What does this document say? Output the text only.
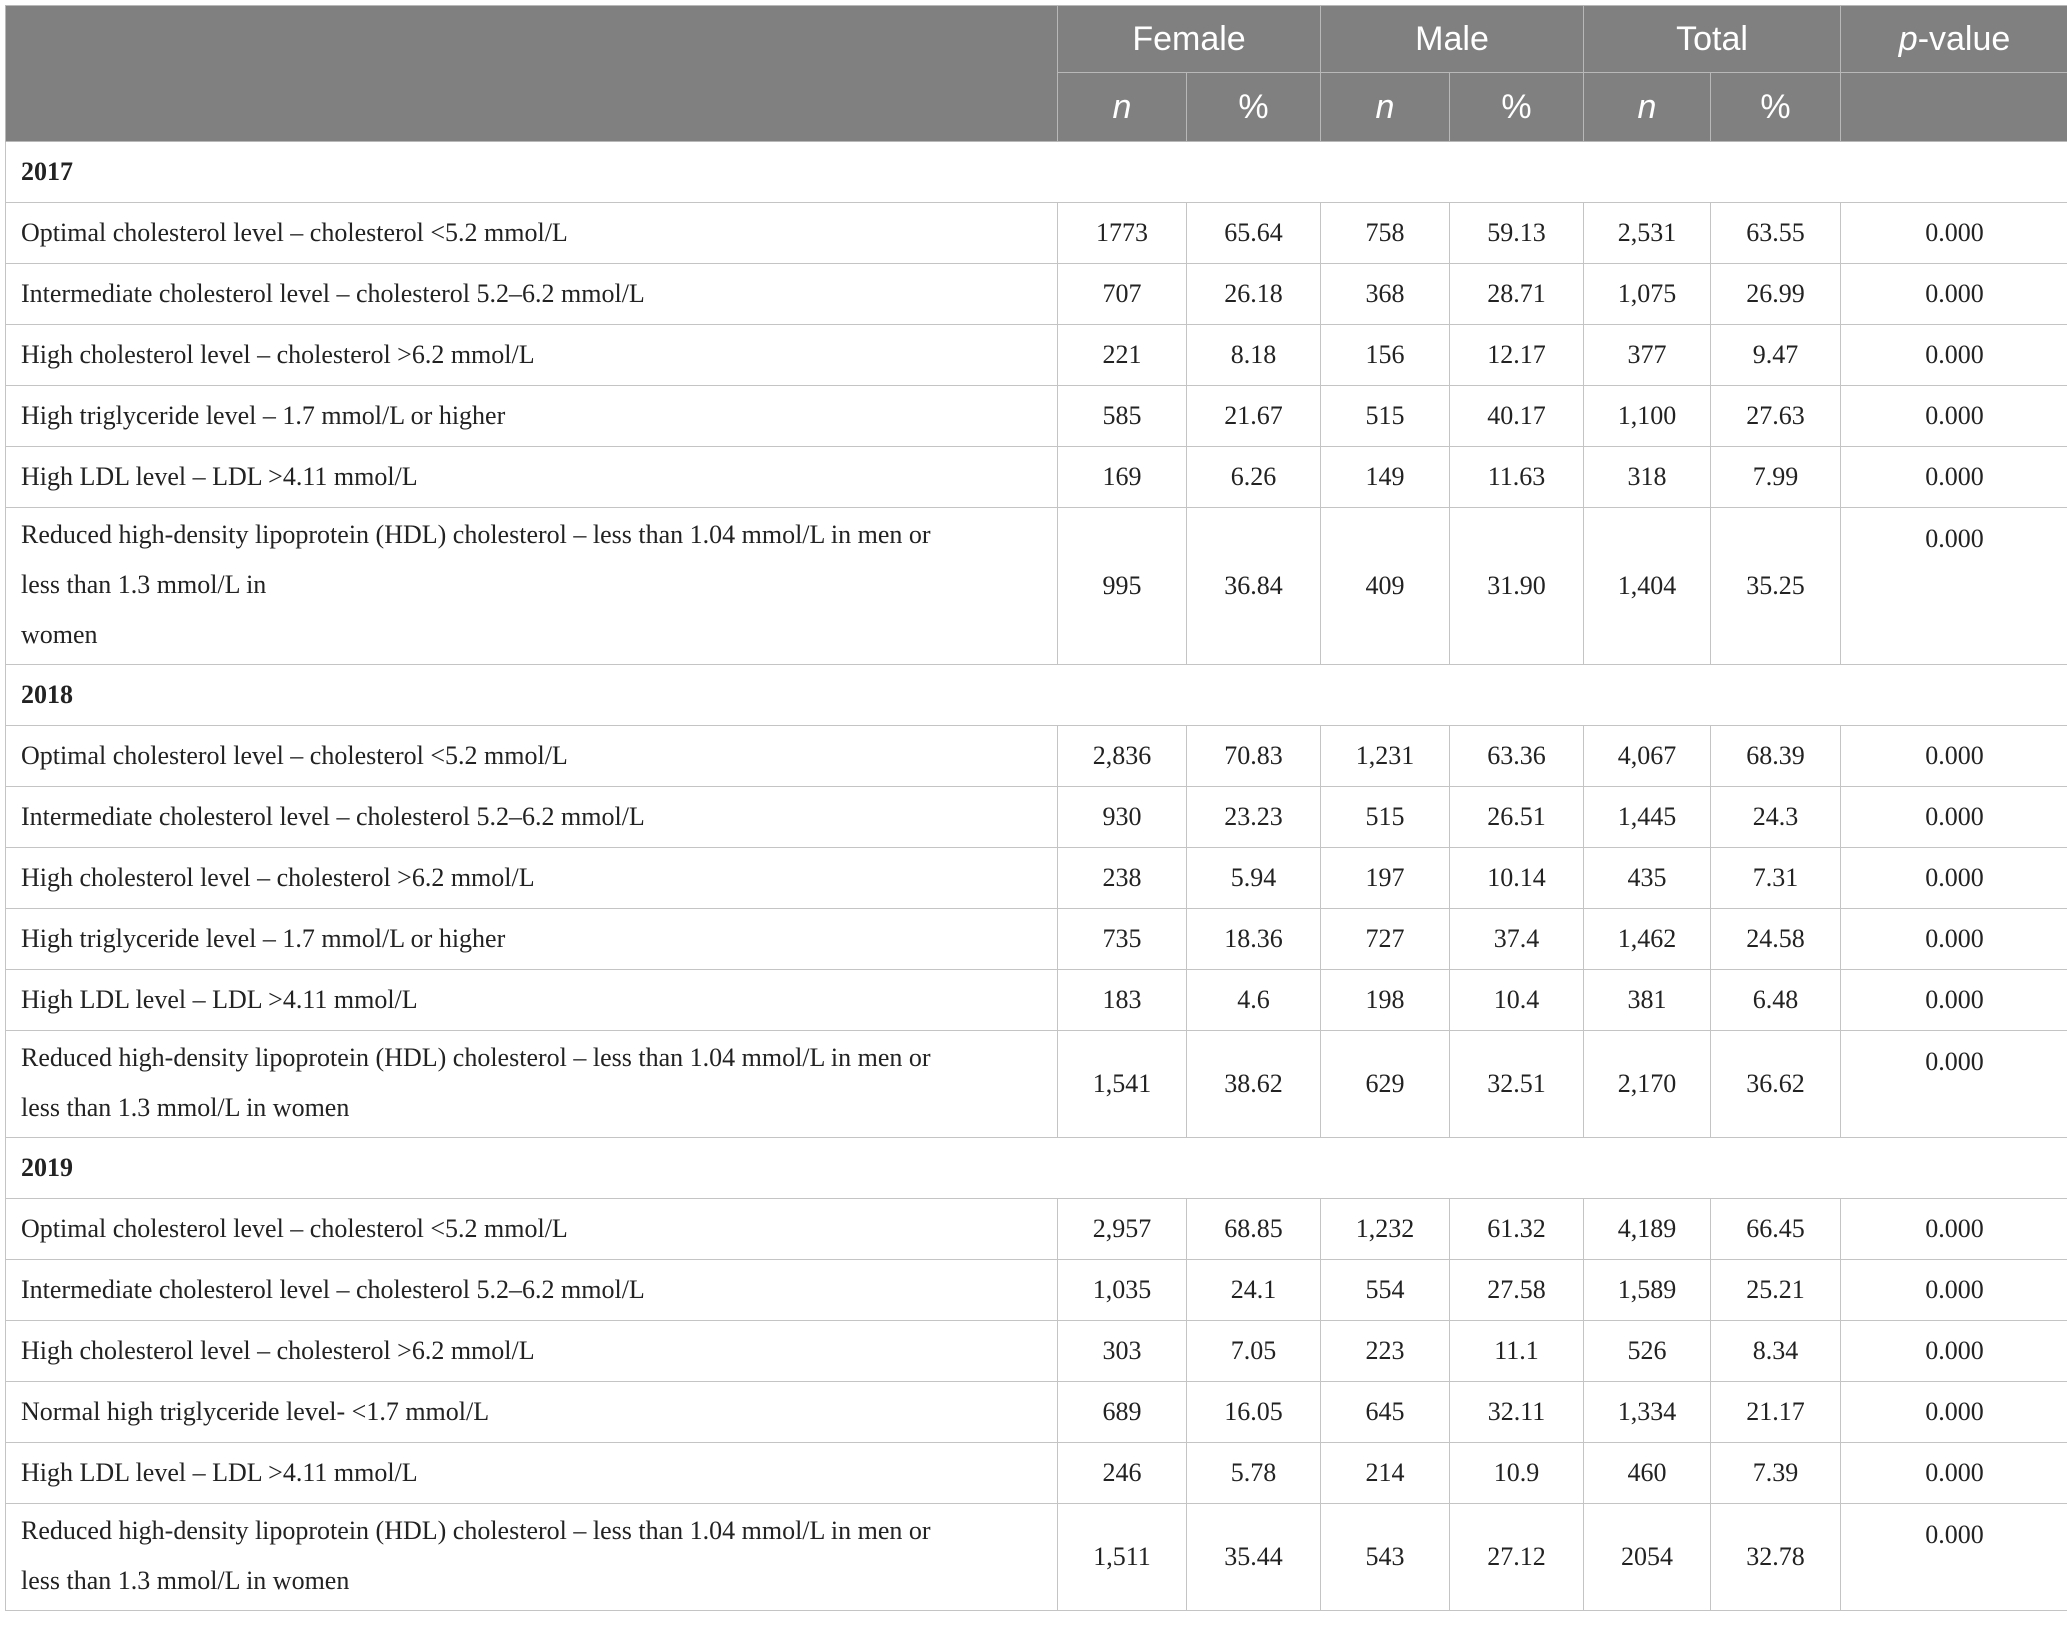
	Female		Male		Total		p-value
	n	%	n	%	n	%	
2017							
Optimal cholesterol level – cholesterol <5.2 mmol/L	1773	65.64	758	59.13	2,531	63.55	0.000
Intermediate cholesterol level – cholesterol 5.2–6.2 mmol/L	707	26.18	368	28.71	1,075	26.99	0.000
High cholesterol level – cholesterol >6.2 mmol/L	221	8.18	156	12.17	377	9.47	0.000
High triglyceride level – 1.7 mmol/L or higher	585	21.67	515	40.17	1,100	27.63	0.000
High LDL level – LDL >4.11 mmol/L	169	6.26	149	11.63	318	7.99	0.000

Reduced high-density lipoprotein (HDL) cholesterol – less than 1.04 mmol/L in men or
less than 1.3 mmol/L in
women	995	36.84	409	31.90	1,404	35.25	0.000
2018							
Optimal cholesterol level – cholesterol <5.2 mmol/L	2,836	70.83	1,231	63.36	4,067	68.39	0.000
Intermediate cholesterol level – cholesterol 5.2–6.2 mmol/L	930	23.23	515	26.51	1,445	24.3	0.000
High cholesterol level – cholesterol >6.2 mmol/L	238	5.94	197	10.14	435	7.31	0.000
High triglyceride level – 1.7 mmol/L or higher	735	18.36	727	37.4	1,462	24.58	0.000
High LDL level – LDL >4.11 mmol/L	183	4.6	198	10.4	381	6.48	0.000

Reduced high-density lipoprotein (HDL) cholesterol – less than 1.04 mmol/L in men or
less than 1.3 mmol/L in women	1,541	38.62	629	32.51	2,170	36.62	0.000
2019							
Optimal cholesterol level – cholesterol <5.2 mmol/L	2,957	68.85	1,232	61.32	4,189	66.45	0.000
Intermediate cholesterol level – cholesterol 5.2–6.2 mmol/L	1,035	24.1	554	27.58	1,589	25.21	0.000
High cholesterol level – cholesterol >6.2 mmol/L	303	7.05	223	11.1	526	8.34	0.000
Normal high triglyceride level- <1.7 mmol/L	689	16.05	645	32.11	1,334	21.17	0.000
High LDL level – LDL >4.11 mmol/L	246	5.78	214	10.9	460	7.39	0.000

Reduced high-density lipoprotein (HDL) cholesterol – less than 1.04 mmol/L in men or
less than 1.3 mmol/L in women	1,511	35.44	543	27.12	2054	32.78	0.000
